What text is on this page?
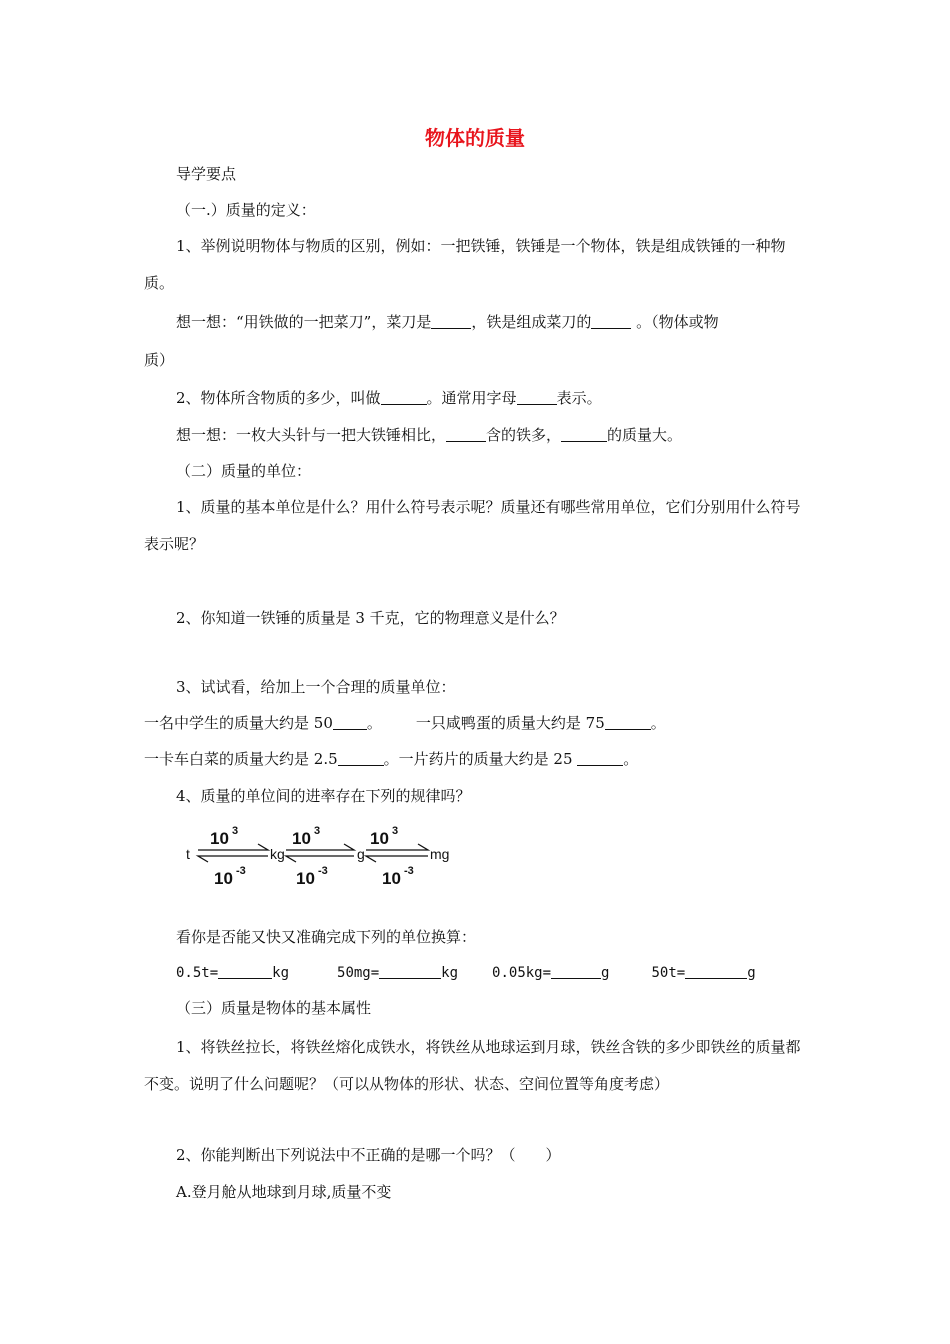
物体的质量
导学要点
（一.）质量的定义：
1、举例说明物体与物质的区别，例如：一把铁锤，铁锤是一个物体，铁是组成铁锤的一种物质。
想一想：“用铁做的一把菜刀”，菜刀是	，铁是组成菜刀的	。（物体或物
质）
2、物体所含物质的多少，叫做	。通常用字母	表示。
想一想：一枚大头针与一把大铁锤相比，	含的铁多，	的质量大。
（二）质量的单位：
1、质量的基本单位是什么？用什么符号表示呢？质量还有哪些常用单位，它们分别用什么符号表示呢？
2、你知道一铁锤的质量是 3 千克，它的物理意义是什么？
3、试试看，给加上一个合理的质量单位：
一名中学生的质量大约是 50 。 一只咸鸭蛋的质量大约是 75	。
一卡车白菜的质量大约是 2.5	。一片药片的质量大约是 25	。
4、质量的单位间的进率存在下列的规律吗？
t	kg	g	mg
10 3
10 -3
10 3
10 -3
10 3
10 -3
看你是否能又快又准确完成下列的单位换算：
0.5t=	kg	50mg=	kg 0.05kg=	g	50t=	g
（三）质量是物体的基本属性
1、将铁丝拉长，将铁丝熔化成铁水，将铁丝从地球运到月球，铁丝含铁的多少即铁丝的质量都不变。说明了什么问题呢？（可以从物体的形状、状态、空间位置等角度考虑）
2、你能判断出下列说法中不正确的是哪一个吗？（　　）
A.登月舱从地球到月球,质量不变
